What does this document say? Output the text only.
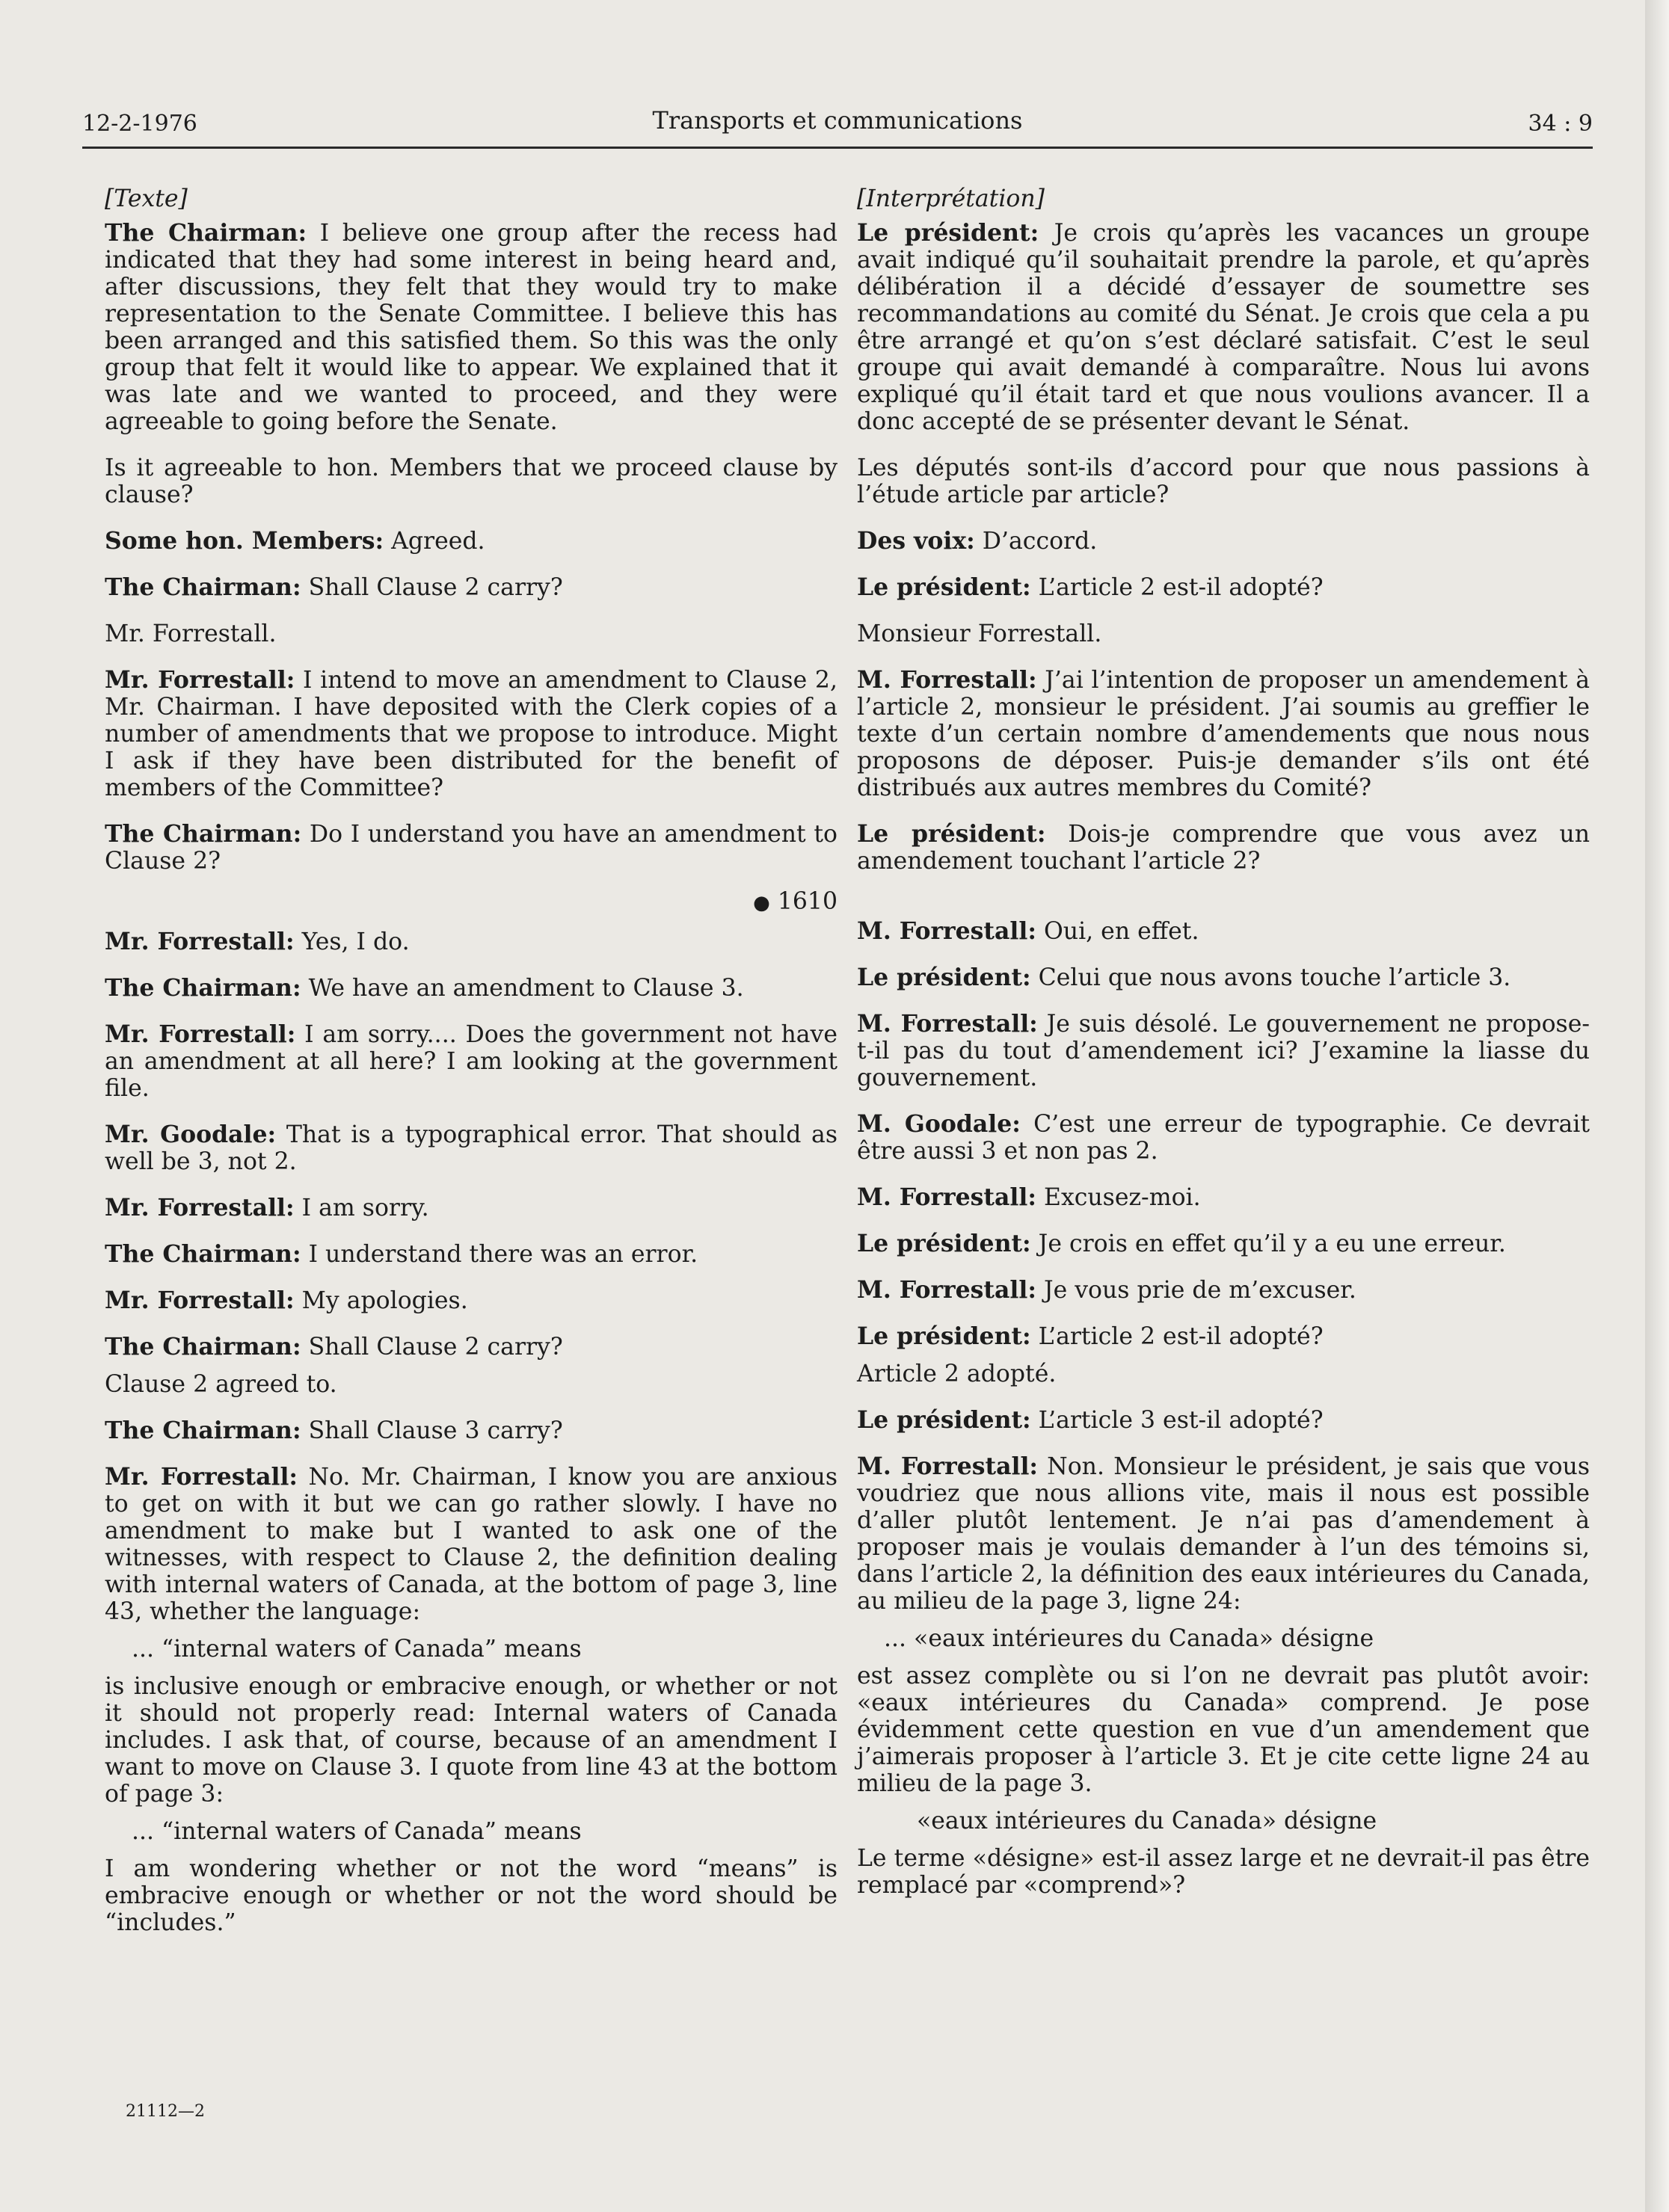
12-2-1976	Transports et communications	34 : 9

[Texte]

The Chairman: I believe one group after the recess had indicated that they had some interest in being heard and, after discussions, they felt that they would try to make representation to the Senate Committee. I believe this has been arranged and this satisfied them. So this was the only group that felt it would like to appear. We explained that it was late and we wanted to proceed, and they were agreeable to going before the Senate.

Is it agreeable to hon. Members that we proceed clause by clause?

Some hon. Members: Agreed.

The Chairman: Shall Clause 2 carry?

Mr. Forrestall.

Mr. Forrestall: I intend to move an amendment to Clause 2, Mr. Chairman. I have deposited with the Clerk copies of a number of amendments that we propose to introduce. Might I ask if they have been distributed for the benefit of members of the Committee?

The Chairman: Do I understand you have an amendment to Clause 2?

● 1610

Mr. Forrestall: Yes, I do.

The Chairman: We have an amendment to Clause 3.

Mr. Forrestall: I am sorry.... Does the government not have an amendment at all here? I am looking at the government file.

Mr. Goodale: That is a typographical error. That should as well be 3, not 2.

Mr. Forrestall: I am sorry.

The Chairman: I understand there was an error.

Mr. Forrestall: My apologies.

The Chairman: Shall Clause 2 carry?

Clause 2 agreed to.

The Chairman: Shall Clause 3 carry?

Mr. Forrestall: No. Mr. Chairman, I know you are anxious to get on with it but we can go rather slowly. I have no amendment to make but I wanted to ask one of the witnesses, with respect to Clause 2, the definition dealing with internal waters of Canada, at the bottom of page 3, line 43, whether the language:

... “internal waters of Canada” means

is inclusive enough or embracive enough, or whether or not it should not properly read: Internal waters of Canada includes. I ask that, of course, because of an amendment I want to move on Clause 3. I quote from line 43 at the bottom of page 3:

... “internal waters of Canada” means

I am wondering whether or not the word “means” is embracive enough or whether or not the word should be “includes.”

[Interprétation]

Le président: Je crois qu’après les vacances un groupe avait indiqué qu’il souhaitait prendre la parole, et qu’après délibération il a décidé d’essayer de soumettre ses recommandations au comité du Sénat. Je crois que cela a pu être arrangé et qu’on s’est déclaré satisfait. C’est le seul groupe qui avait demandé à comparaître. Nous lui avons expliqué qu’il était tard et que nous voulions avancer. Il a donc accepté de se présenter devant le Sénat.

Les députés sont-ils d’accord pour que nous passions à l’étude article par article?

Des voix: D’accord.

Le président: L’article 2 est-il adopté?

Monsieur Forrestall.

M. Forrestall: J’ai l’intention de proposer un amendement à l’article 2, monsieur le président. J’ai soumis au greffier le texte d’un certain nombre d’amendements que nous nous proposons de déposer. Puis-je demander s’ils ont été distribués aux autres membres du Comité?

Le président: Dois-je comprendre que vous avez un amendement touchant l’article 2?

M. Forrestall: Oui, en effet.

Le président: Celui que nous avons touche l’article 3.

M. Forrestall: Je suis désolé. Le gouvernement ne propose-t-il pas du tout d’amendement ici? J’examine la liasse du gouvernement.

M. Goodale: C’est une erreur de typographie. Ce devrait être aussi 3 et non pas 2.

M. Forrestall: Excusez-moi.

Le président: Je crois en effet qu’il y a eu une erreur.

M. Forrestall: Je vous prie de m’excuser.

Le président: L’article 2 est-il adopté?

Article 2 adopté.

Le président: L’article 3 est-il adopté?

M. Forrestall: Non. Monsieur le président, je sais que vous voudriez que nous allions vite, mais il nous est possible d’aller plutôt lentement. Je n’ai pas d’amendement à proposer mais je voulais demander à l’un des témoins si, dans l’article 2, la définition des eaux intérieures du Canada, au milieu de la page 3, ligne 24:

... «eaux intérieures du Canada» désigne

est assez complète ou si l’on ne devrait pas plutôt avoir: «eaux intérieures du Canada» comprend. Je pose évidemment cette question en vue d’un amendement que j’aimerais proposer à l’article 3. Et je cite cette ligne 24 au milieu de la page 3.

«eaux intérieures du Canada» désigne

Le terme «désigne» est-il assez large et ne devrait-il pas être remplacé par «comprend»?

21112—2
